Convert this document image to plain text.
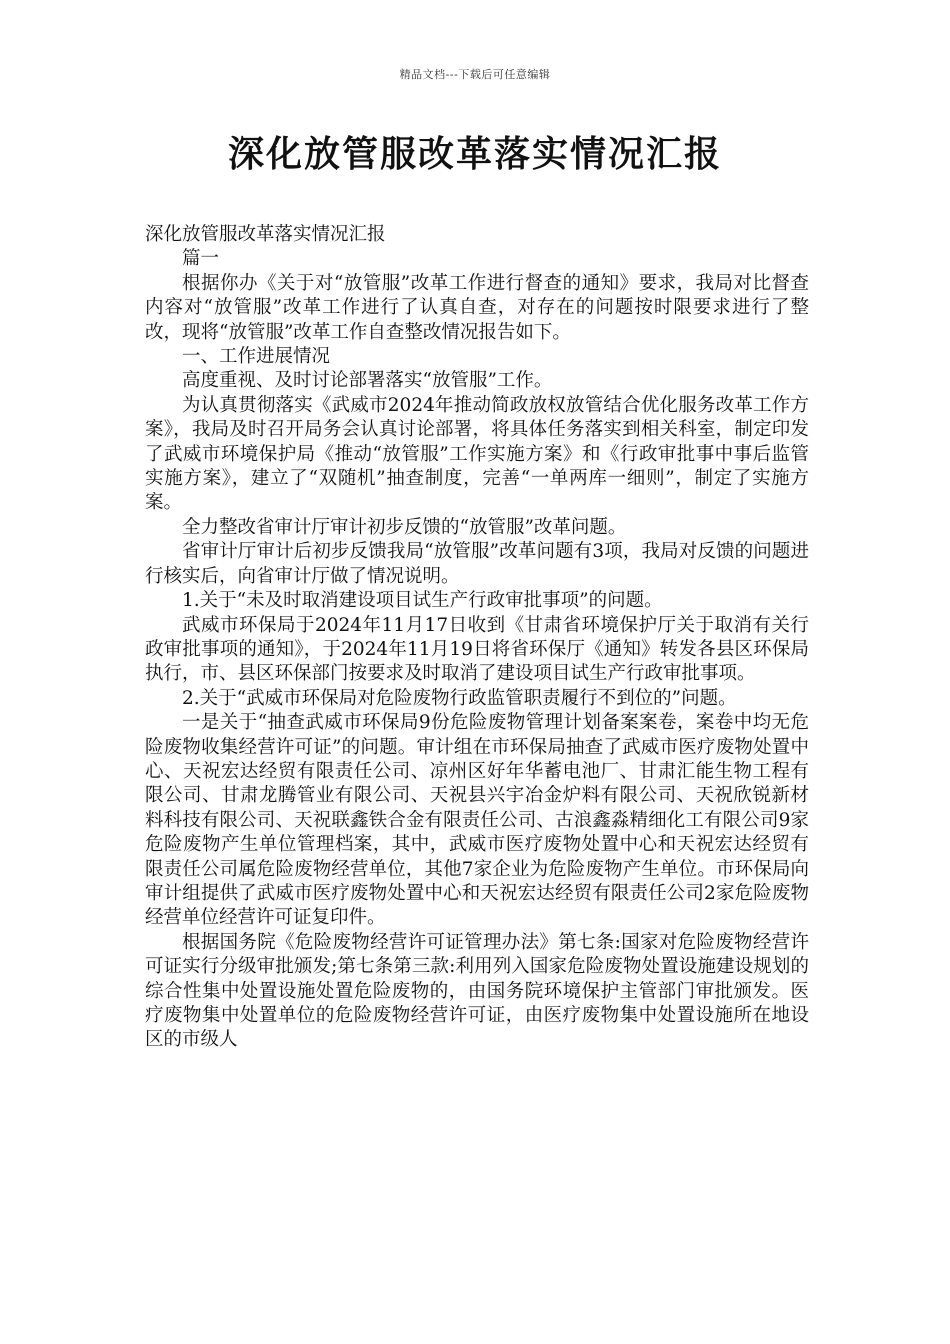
精品文档---下载后可任意编辑
深化放管服改革落实情况汇报

深化放管服改革落实情况汇报

篇一

根据你办《关于对“放管服”改革工作进行督查的通知》要求，我局对比督查内容对“放管服”改革工作进行了认真自查，对存在的问题按时限要求进行了整改，现将“放管服”改革工作自查整改情况报告如下。

一、工作进展情况

高度重视、及时讨论部署落实“放管服”工作。

为认真贯彻落实《武威市2024年推动简政放权放管结合优化服务改革工作方案》，我局及时召开局务会认真讨论部署，将具体任务落实到相关科室，制定印发了武威市环境保护局《推动“放管服”工作实施方案》和《行政审批事中事后监管实施方案》，建立了“双随机”抽查制度，完善“一单两库一细则”，制定了实施方案。

全力整改省审计厅审计初步反馈的“放管服”改革问题。

省审计厅审计后初步反馈我局“放管服”改革问题有3项，我局对反馈的问题进行核实后，向省审计厅做了情况说明。

1.关于“未及时取消建设项目试生产行政审批事项”的问题。

武威市环保局于2024年11月17日收到《甘肃省环境保护厅关于取消有关行政审批事项的通知》，于2024年11月19日将省环保厅《通知》转发各县区环保局执行，市、县区环保部门按要求及时取消了建设项目试生产行政审批事项。

2.关于“武威市环保局对危险废物行政监管职责履行不到位的”问题。

一是关于“抽查武威市环保局9份危险废物管理计划备案案卷，案卷中均无危险废物收集经营许可证”的问题。审计组在市环保局抽查了武威市医疗废物处置中心、天祝宏达经贸有限责任公司、凉州区好年华蓄电池厂、甘肃汇能生物工程有限公司、甘肃龙腾管业有限公司、天祝县兴宇冶金炉料有限公司、天祝欣锐新材料科技有限公司、天祝联鑫铁合金有限责任公司、古浪鑫淼精细化工有限公司9家危险废物产生单位管理档案，其中，武威市医疗废物处置中心和天祝宏达经贸有限责任公司属危险废物经营单位，其他7家企业为危险废物产生单位。市环保局向审计组提供了武威市医疗废物处置中心和天祝宏达经贸有限责任公司2家危险废物经营单位经营许可证复印件。

根据国务院《危险废物经营许可证管理办法》第七条:国家对危险废物经营许可证实行分级审批颁发;第七条第三款:利用列入国家危险废物处置设施建设规划的综合性集中处置设施处置危险废物的，由国务院环境保护主管部门审批颁发。医疗废物集中处置单位的危险废物经营许可证，由医疗废物集中处置设施所在地设区的市级人
